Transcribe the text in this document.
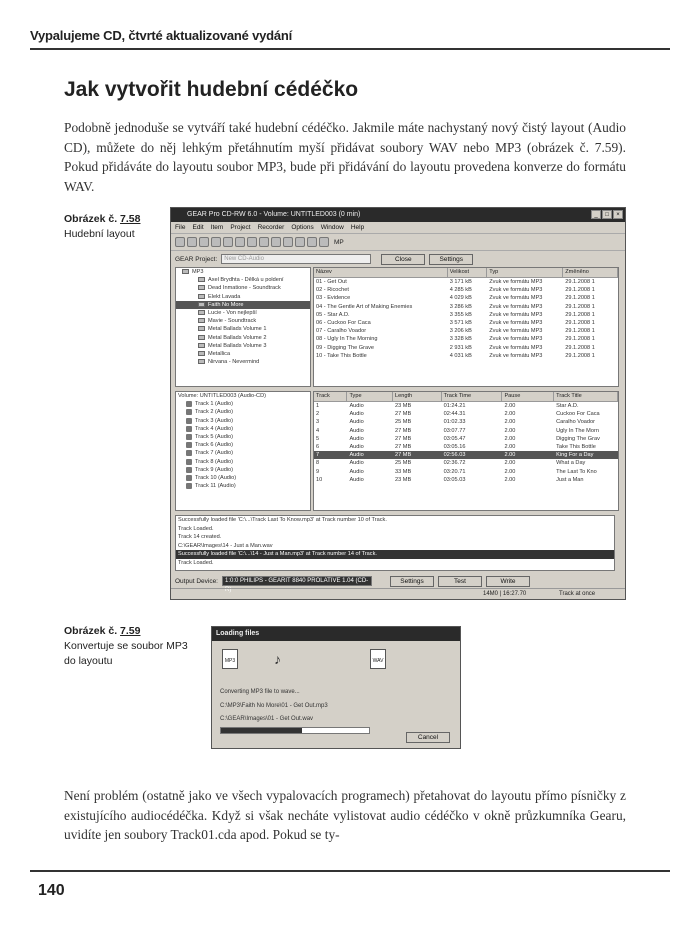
Vypalujeme CD, čtvrté aktualizované vydání
Jak vytvořit hudební cédéčko
Podobně jednoduše se vytváří také hudební cédéčko. Jakmile máte nachystaný nový čistý layout (Audio CD), můžete do něj lehkým přetáhnutím myší přidávat soubory WAV nebo MP3 (obrázek č. 7.59). Pokud přidáváte do layoutu soubor MP3, bude při přidávání do layoutu provedena konverze do formátu WAV.
Obrázek č. 7.58
Hudební layout
GEAR Pro CD-RW 6.0 - Volume: UNTITLED003 (0 min)	_	□	×
File Edit Item Project Recorder Options Window Help
MP
GEAR Project:	New CD-Audio	Close	Settings
MP3
Axel Brydhta - Dělká u poldení
Dead Inmatione - Soundtrack
Elekt Lavada
Faith No More
Lucie - Von nejlepší
Mavie - Soundtrack
Metal Ballads Volume 1
Metal Ballads Volume 2
Metal Ballads Volume 3
Metallica
Nirvana - Nevermind
Název	Velikost	Typ	Změněno
01 - Get Out	3 171 kB	Zvuk ve formátu MP3	29.1.2008 1
02 - Ricochet	4 285 kB	Zvuk ve formátu MP3	29.1.2008 1
03 - Evidence	4 029 kB	Zvuk ve formátu MP3	29.1.2008 1
04 - The Gentle Art of Making Enemies	3 286 kB	Zvuk ve formátu MP3	29.1.2008 1
05 - Star A.D.	3 355 kB	Zvuk ve formátu MP3	29.1.2008 1
06 - Cuckoo For Caca	3 571 kB	Zvuk ve formátu MP3	29.1.2008 1
07 - Caralho Voador	3 206 kB	Zvuk ve formátu MP3	29.1.2008 1
08 - Ugly In The Morning	3 328 kB	Zvuk ve formátu MP3	29.1.2008 1
09 - Digging The Grave	2 931 kB	Zvuk ve formátu MP3	29.1.2008 1
10 - Take This Bottle	4 031 kB	Zvuk ve formátu MP3	29.1.2008 1
Volume: UNTITLED003 (Audio-CD)
Track 1 (Audio)
Track 2 (Audio)
Track 3 (Audio)
Track 4 (Audio)
Track 5 (Audio)
Track 6 (Audio)
Track 7 (Audio)
Track 8 (Audio)
Track 9 (Audio)
Track 10 (Audio)
Track 11 (Audio)
Track	Type	Length	Track Time	Pause	Track Title
1	Audio	23 MB	01:24.21	2.00	Star A.D.
2	Audio	27 MB	02:44.31	2.00	Cuckoo For Caca
3	Audio	25 MB	01:02.33	2.00	Caralho Voador
4	Audio	27 MB	03:07.77	2.00	Ugly In The Morn
5	Audio	27 MB	03:05.47	2.00	Digging The Grav
6	Audio	27 MB	03:05.16	2.00	Take This Bottle
7	Audio	27 MB	02:56.03	2.00	King For a Day
8	Audio	25 MB	02:36.72	2.00	What a Day
9	Audio	33 MB	03:20.71	2.00	The Last To Kno
10	Audio	23 MB	03:05.03	2.00	Just a Man
Successfully loaded file 'C:\...\Track Last To Know.mp3' at Track number 10 of Track.
Track Loaded.
Track 14 created.
C:\GEAR\Images\14 - Just a Man.wav
Successfully loaded file 'C:\...\14 - Just a Man.mp3' at Track number 14 of Track.
Track Loaded.
Output Device:	1:0:0 PHILIPS - GEARIT 8840 PROLATIVE 1.04 (CD-R)
Settings	Test	Write
14M0 | 16:27.70	Track at once
Obrázek č. 7.59
Konvertuje se soubor MP3 do layoutu
Loading files
MP3	♪	WAV
Converting MP3 file to wave...
C:\MP3\Faith No More\01 - Get Out.mp3
C:\GEAR\Images\01 - Get Out.wav
Cancel
Není problém (ostatně jako ve všech vypalovacích programech) přetahovat do layoutu přímo písničky z existujícího audiocédéčka. Když si však necháte vylistovat audio cédéčko v okně průzkumníka Gearu, uvidíte jen soubory Track01.cda apod. Pokud se ty-
140
